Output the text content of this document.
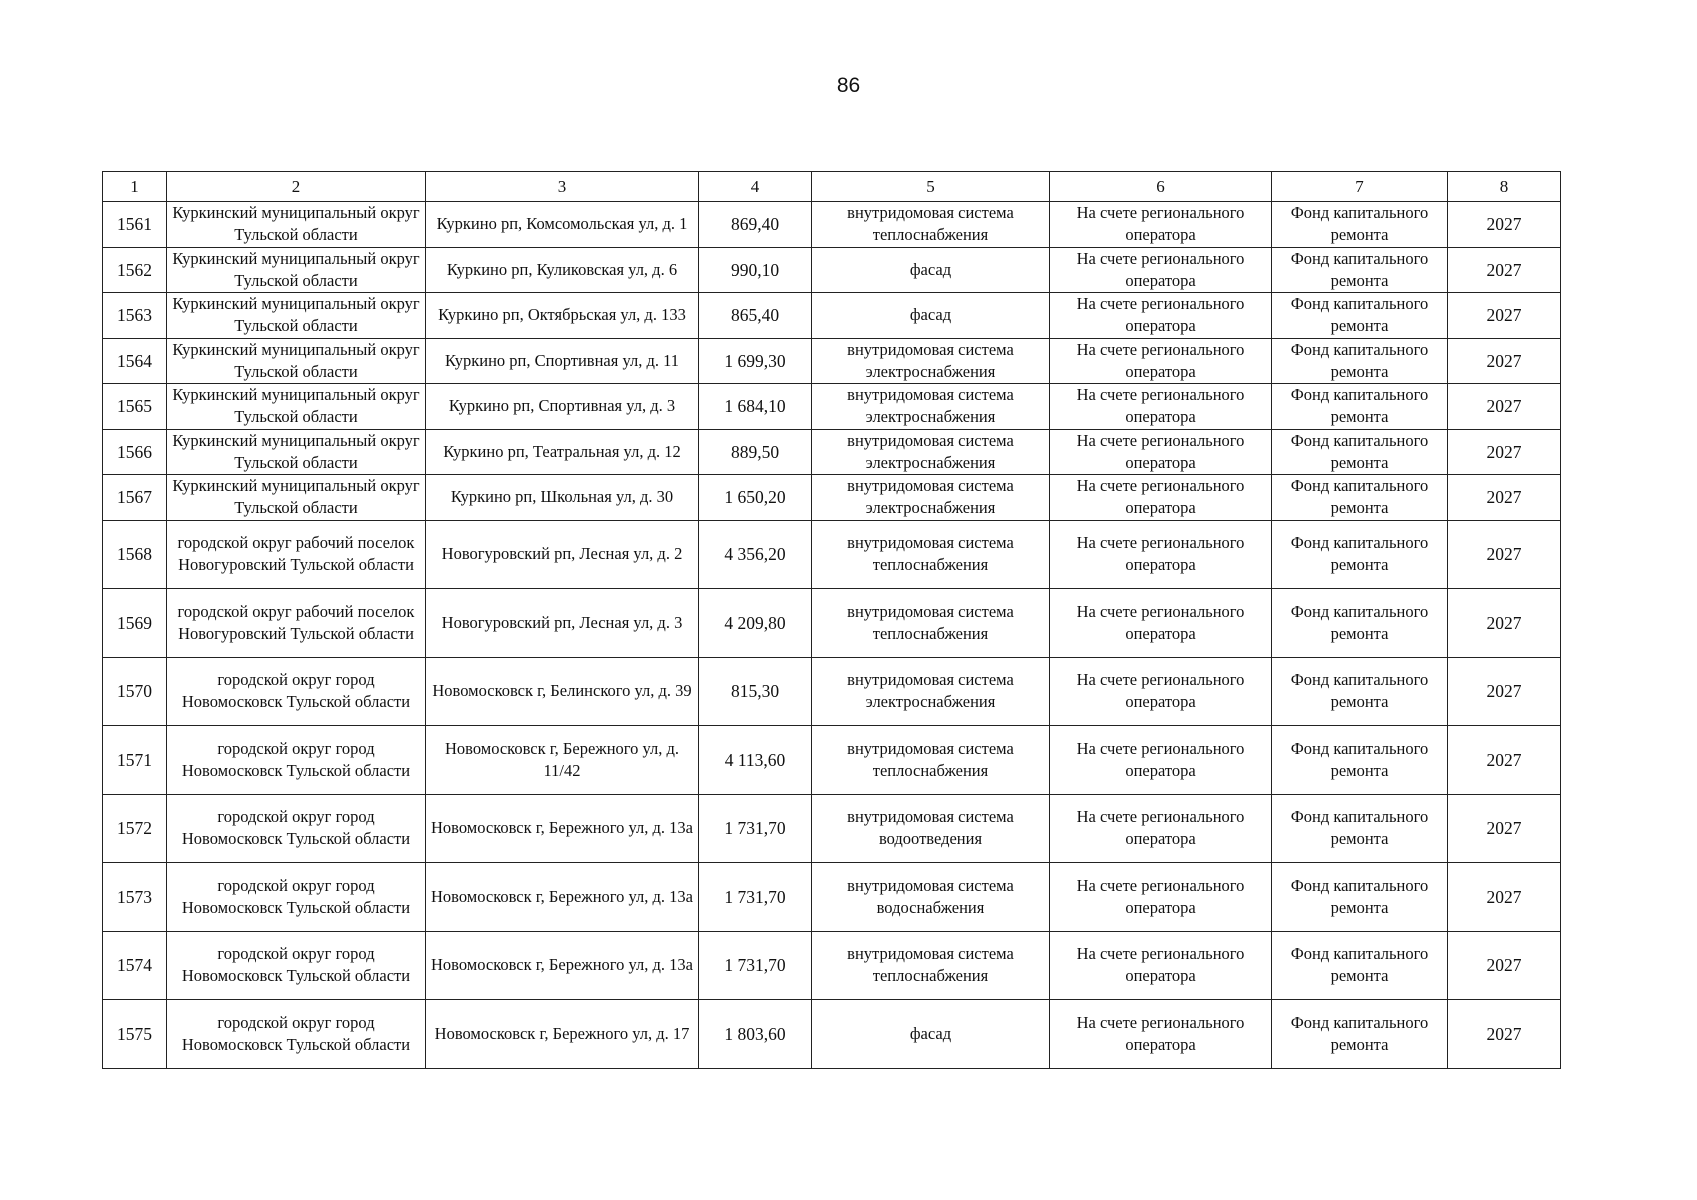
86
1	2	3	4	5	6	7	8
1561	Куркинский муниципальный округ Тульской области	Куркино рп, Комсомольская ул, д. 1	869,40	внутридомовая система теплоснабжения	На счете регионального оператора	Фонд капитального ремонта	2027
1562	Куркинский муниципальный округ Тульской области	Куркино рп, Куликовская ул, д. 6	990,10	фасад	На счете регионального оператора	Фонд капитального ремонта	2027
1563	Куркинский муниципальный округ Тульской области	Куркино рп, Октябрьская ул, д. 133	865,40	фасад	На счете регионального оператора	Фонд капитального ремонта	2027
1564	Куркинский муниципальный округ Тульской области	Куркино рп, Спортивная ул, д. 11	1 699,30	внутридомовая система электроснабжения	На счете регионального оператора	Фонд капитального ремонта	2027
1565	Куркинский муниципальный округ Тульской области	Куркино рп, Спортивная ул, д. 3	1 684,10	внутридомовая система электроснабжения	На счете регионального оператора	Фонд капитального ремонта	2027
1566	Куркинский муниципальный округ Тульской области	Куркино рп, Театральная ул, д. 12	889,50	внутридомовая система электроснабжения	На счете регионального оператора	Фонд капитального ремонта	2027
1567	Куркинский муниципальный округ Тульской области	Куркино рп, Школьная ул, д. 30	1 650,20	внутридомовая система электроснабжения	На счете регионального оператора	Фонд капитального ремонта	2027
1568	городской округ рабочий поселок Новогуровский Тульской области	Новогуровский рп, Лесная ул, д. 2	4 356,20	внутридомовая система теплоснабжения	На счете регионального оператора	Фонд капитального ремонта	2027
1569	городской округ рабочий поселок Новогуровский Тульской области	Новогуровский рп, Лесная ул, д. 3	4 209,80	внутридомовая система теплоснабжения	На счете регионального оператора	Фонд капитального ремонта	2027
1570	городской округ город Новомосковск Тульской области	Новомосковск г, Белинского ул, д. 39	815,30	внутридомовая система электроснабжения	На счете регионального оператора	Фонд капитального ремонта	2027
1571	городской округ город Новомосковск Тульской области	Новомосковск г, Бережного ул, д. 11/42	4 113,60	внутридомовая система теплоснабжения	На счете регионального оператора	Фонд капитального ремонта	2027
1572	городской округ город Новомосковск Тульской области	Новомосковск г, Бережного ул, д. 13а	1 731,70	внутридомовая система водоотведения	На счете регионального оператора	Фонд капитального ремонта	2027
1573	городской округ город Новомосковск Тульской области	Новомосковск г, Бережного ул, д. 13а	1 731,70	внутридомовая система водоснабжения	На счете регионального оператора	Фонд капитального ремонта	2027
1574	городской округ город Новомосковск Тульской области	Новомосковск г, Бережного ул, д. 13а	1 731,70	внутридомовая система теплоснабжения	На счете регионального оператора	Фонд капитального ремонта	2027
1575	городской округ город Новомосковск Тульской области	Новомосковск г, Бережного ул, д. 17	1 803,60	фасад	На счете регионального оператора	Фонд капитального ремонта	2027
